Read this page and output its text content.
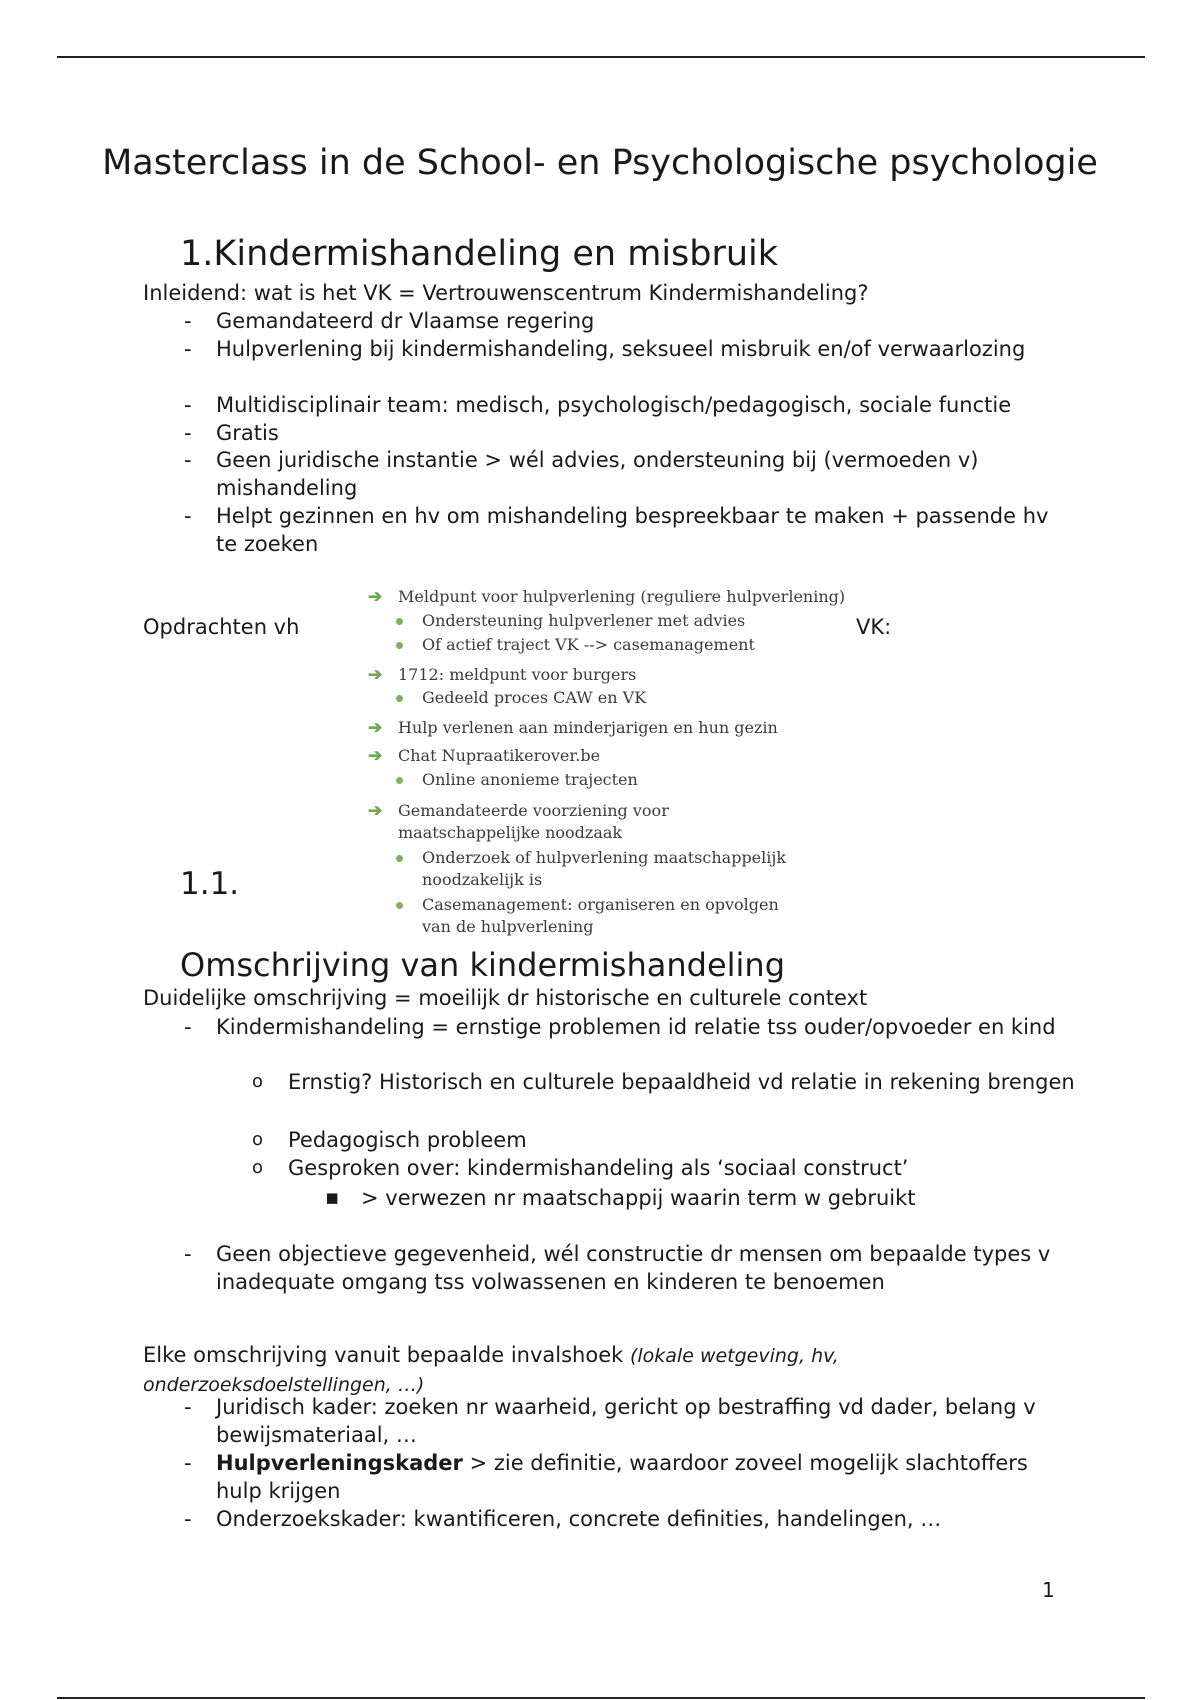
Masterclass in de School- en Psychologische psychologie
1.Kindermishandeling en misbruik

Inleidend: wat is het VK = Vertrouwenscentrum Kindermishandeling?

- Gemandateerd dr Vlaamse regering
- Hulpverlening bij kindermishandeling, seksueel misbruik en/of verwaarlozing
- Multidisciplinair team: medisch, psychologisch/pedagogisch, sociale functie
- Gratis
- Geen juridische instantie > wél advies, ondersteuning bij (vermoeden v) mishandeling
- Helpt gezinnen en hv om mishandeling bespreekbaar te maken + passende hv te zoeken

Opdrachten vh	VK:
➔ Meldpunt voor hulpverlening (reguliere hulpverlening)
Ondersteuning hulpverlener met advies
Of actief traject VK --> casemanagement
➔ 1712: meldpunt voor burgers
Gedeeld proces CAW en VK
➔ Hulp verlenen aan minderjarigen en hun gezin
➔ Chat Nupraatikerover.be
Online anonieme trajecten
➔ Gemandateerde voorziening voor maatschappelijke noodzaak
Onderzoek of hulpverlening maatschappelijk noodzakelijk is
Casemanagement: organiseren en opvolgen van de hulpverlening
1.1.
Omschrijving van kindermishandeling

Duidelijke omschrijving = moeilijk dr historische en culturele context

- Kindermishandeling = ernstige problemen id relatie tss ouder/opvoeder en kind
o Ernstig? Historisch en culturele bepaaldheid vd relatie in rekening brengen
o Pedagogisch probleem
o Gesproken over: kindermishandeling als ‘sociaal construct’
▪ > verwezen nr maatschappij waarin term w gebruikt
- Geen objectieve gegevenheid, wél constructie dr mensen om bepaalde types v inadequate omgang tss volwassenen en kinderen te benoemen

Elke omschrijving vanuit bepaalde invalshoek (lokale wetgeving, hv, onderzoeksdoelstellingen, …)

- Juridisch kader: zoeken nr waarheid, gericht op bestraffing vd dader, belang v bewijsmateriaal, …
- Hulpverleningskader > zie definitie, waardoor zoveel mogelijk slachtoffers hulp krijgen
- Onderzoekskader: kwantificeren, concrete definities, handelingen, …
1
